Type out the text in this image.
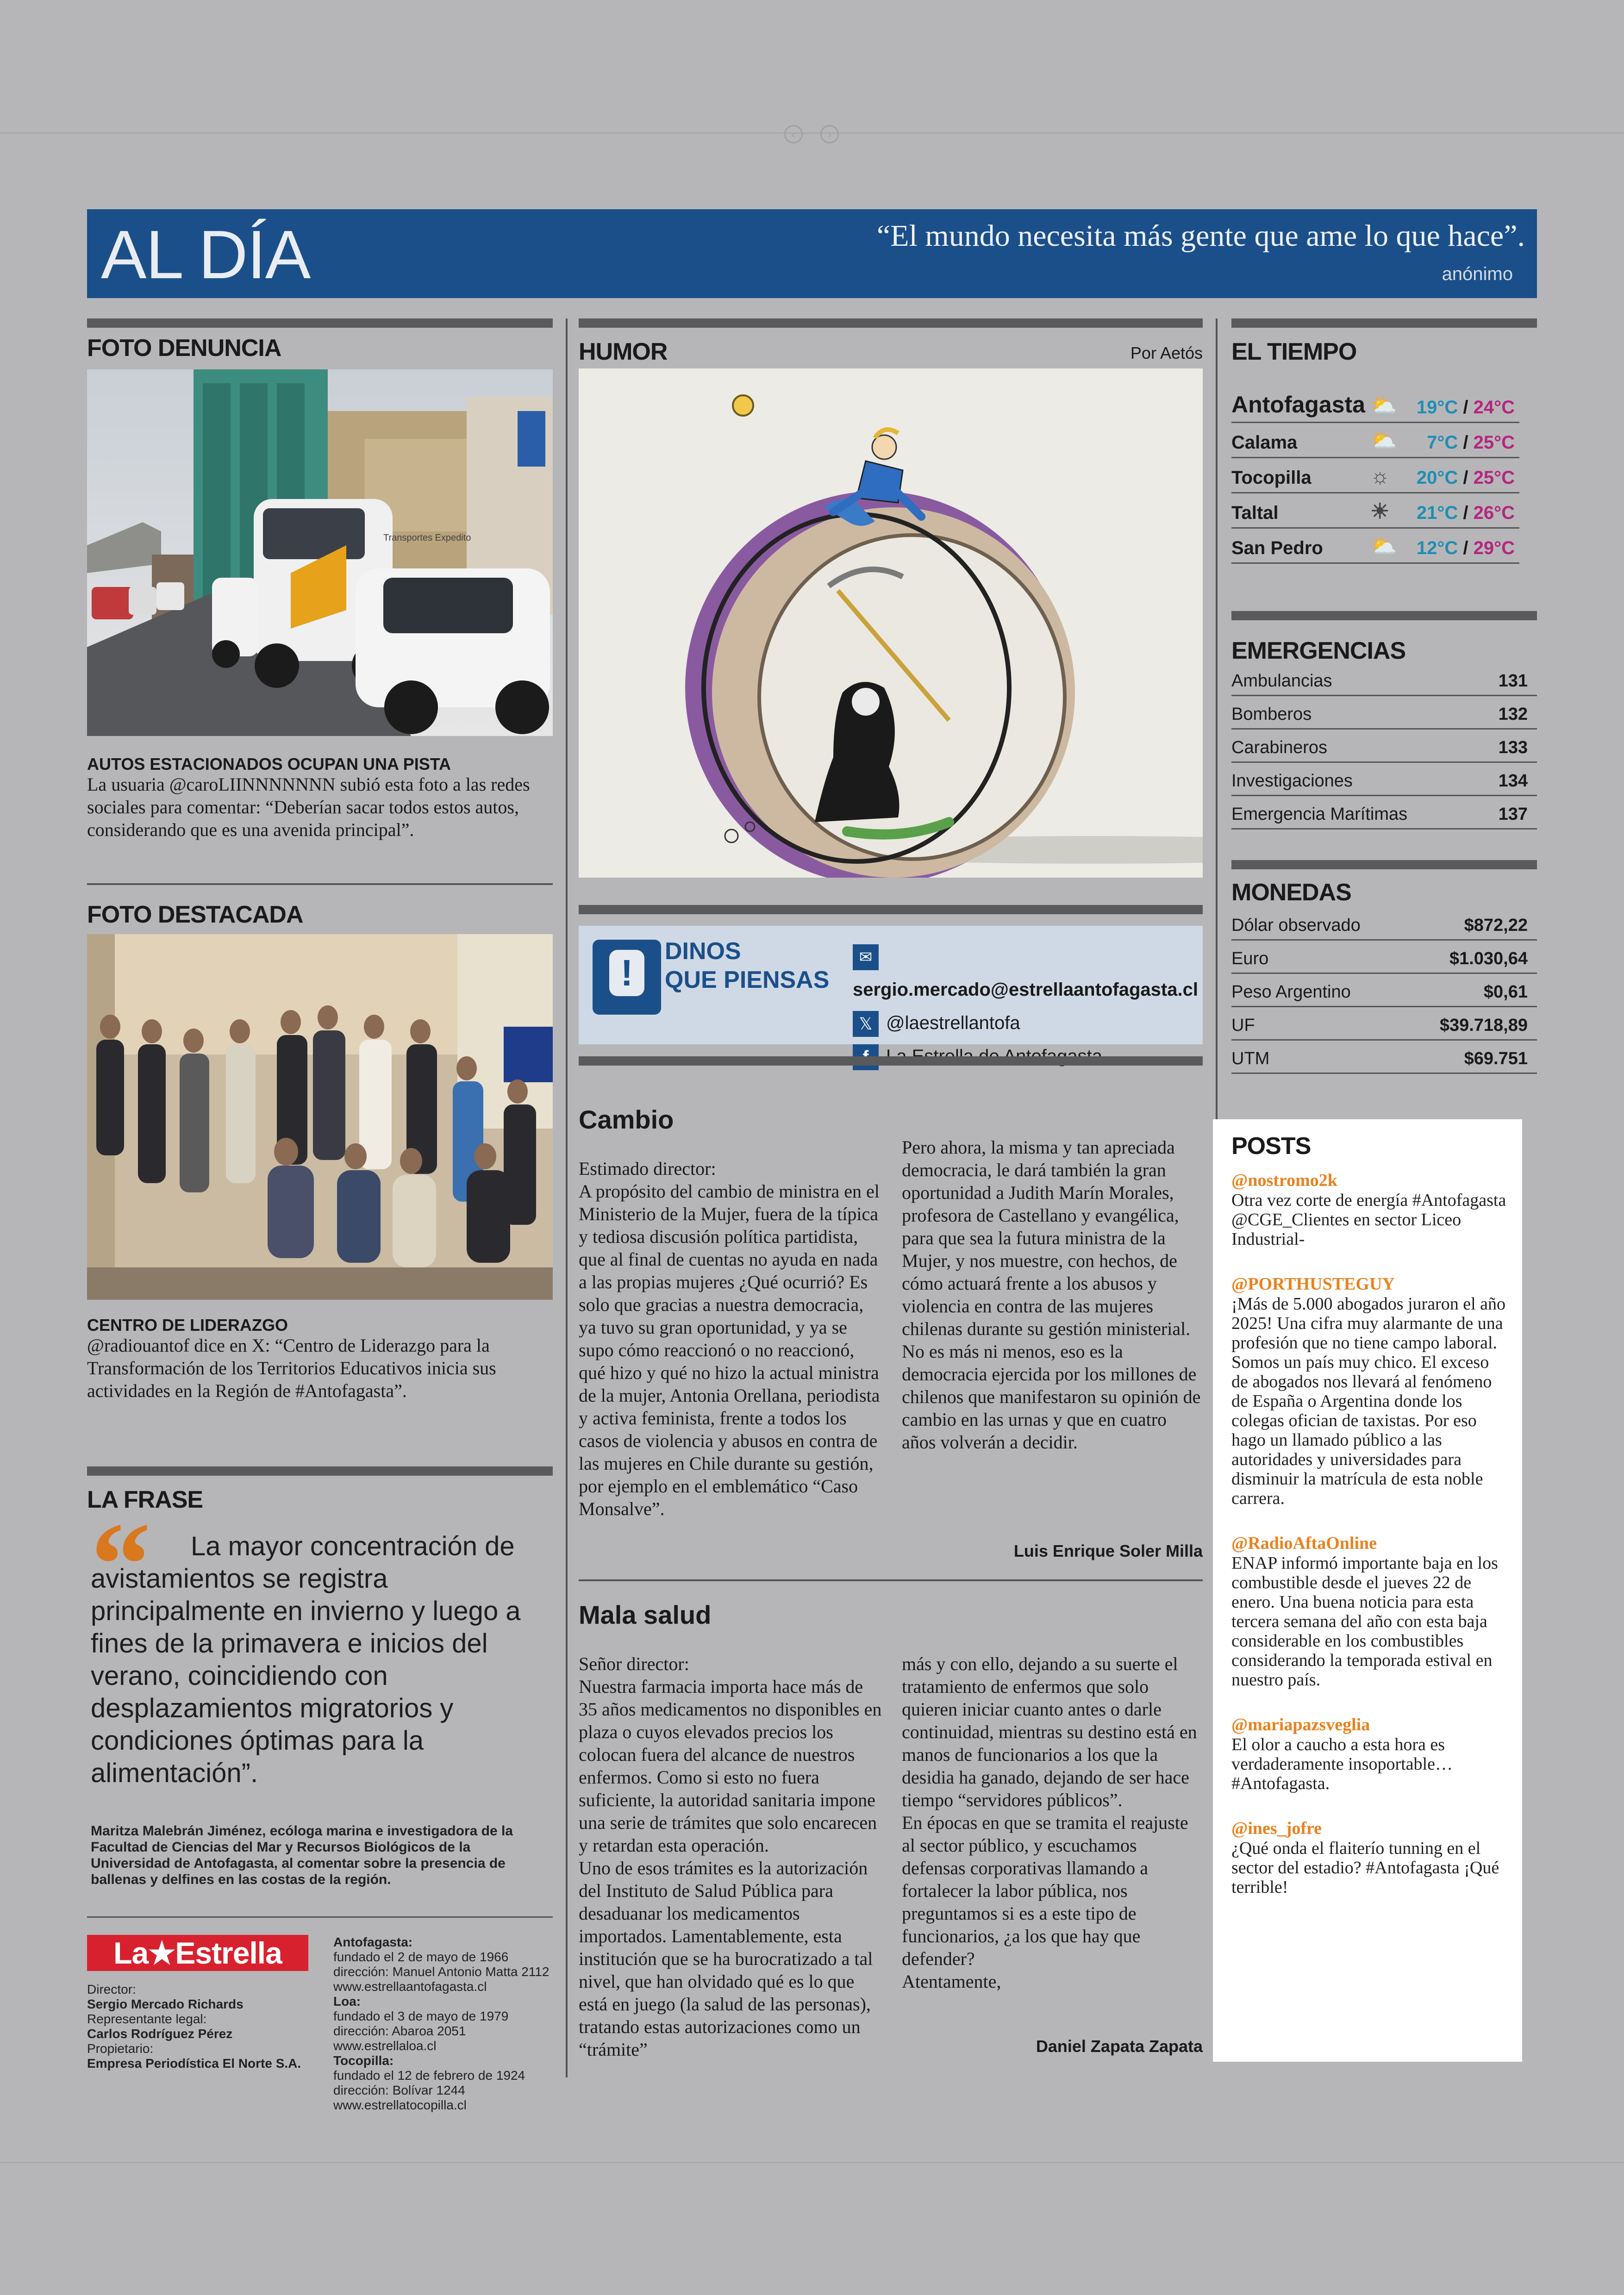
‹	›
AL DÍA	“El mundo necesita más gente que ame lo que hace”.
anónimo
FOTO DENUNCIA
Transportes Expedito
AUTOS ESTACIONADOS OCUPAN UNA PISTA
La usuaria @caroLIINNNNNNN subió esta foto a las redes sociales para comentar: “Deberían sacar todos estos autos, considerando que es una avenida principal”.
FOTO DESTACADA
CENTRO DE LIDERAZGO
@radiouantof dice en X: “Centro de Liderazgo para la Transformación de los Territorios Educativos inicia sus actividades en la Región de #Antofagasta”.
LA FRASE
“	La mayor concentración de avistamientos se registra principalmente en invierno y luego a fines de la primavera e inicios del verano, coincidiendo con desplazamientos migratorios y condiciones óptimas para la alimentación”.
Maritza Malebrán Jiménez, ecóloga marina e investigadora de la Facultad de Ciencias del Mar y Recursos Biológicos de la Universidad de Antofagasta, al comentar sobre la presencia de ballenas y delfines en las costas de la región.
La★Estrella
Director:
Sergio Mercado Richards
Representante legal:
Carlos Rodríguez Pérez
Propietario:
Empresa Periodística El Norte S.A.
Antofagasta:
fundado el 2 de mayo de 1966
dirección: Manuel Antonio Matta 2112
www.estrellaantofagasta.cl
Loa:
fundado el 3 de mayo de 1979
dirección: Abaroa 2051
www.estrellaloa.cl
Tocopilla:
fundado el 12 de febrero de 1924
dirección: Bolívar 1244
www.estrellatocopilla.cl
HUMOR	Por Aetós
!
DINOS
QUE PIENSAS
✉sergio.mercado@estrellaantofagasta.cl
𝕏 @laestrellantofa
Cambio
Estimado director:
A propósito del cambio de ministra en el Ministerio de la Mujer, fuera de la típica y tediosa discusión política partidista, que al final de cuentas no ayuda en nada a las propias mujeres ¿Qué ocurrió? Es solo que gracias a nuestra democracia, ya tuvo su gran oportunidad, y ya se supo cómo reaccionó o no reaccionó, qué hizo y qué no hizo la actual ministra de la mujer, Antonia Orellana, periodista y activa feminista, frente a todos los casos de violencia y abusos en contra de las mujeres en Chile durante su gestión, por ejemplo en el emblemático “Caso Monsalve”.
Pero ahora, la misma y tan apreciada democracia, le dará también la gran oportunidad a Judith Marín Morales, profesora de Castellano y evangélica, para que sea la futura ministra de la Mujer, y nos muestre, con hechos, de cómo actuará frente a los abusos y violencia en contra de las mujeres chilenas durante su gestión ministerial.
No es más ni menos, eso es la democracia ejercida por los millones de chilenos que manifestaron su opinión de cambio en las urnas y que en cuatro años volverán a decidir.
Luis Enrique Soler Milla
Mala salud
Señor director:
Nuestra farmacia importa hace más de 35 años medicamentos no disponibles en plaza o cuyos elevados precios los colocan fuera del alcance de nuestros enfermos. Como si esto no fuera suficiente, la autoridad sanitaria impone una serie de trámites que solo encarecen y retardan esta operación.
Uno de esos trámites es la autorización del Instituto de Salud Pública para desaduanar los medicamentos importados. Lamentablemente, esta institución que se ha burocratizado a tal nivel, que han olvidado qué es lo que está en juego (la salud de las personas), tratando estas autorizaciones como un “trámite”
más y con ello, dejando a su suerte el tratamiento de enfermos que solo quieren iniciar cuanto antes o darle continuidad, mientras su destino está en manos de funcionarios a los que la desidia ha ganado, dejando de ser hace tiempo “servidores públicos”.
En épocas en que se tramita el reajuste al sector público, y escuchamos defensas corporativas llamando a fortalecer la labor pública, nos preguntamos si es a este tipo de funcionarios, ¿a los que hay que defender?
Atentamente,
Daniel Zapata Zapata
EL TIEMPO
Antofagasta ⛅ 19°C / 24°C
Calama	⛅ 7°C / 25°C
Tocopilla	☼ 20°C / 25°C
Taltal	☀ 21°C / 26°C
San Pedro ⛅ 12°C / 29°C
EMERGENCIAS
Ambulancias	131
Bomberos	132
Carabineros	133
Investigaciones	134
Emergencia Marítimas	137
MONEDAS
Dólar observado	$872,22
Euro	$1.030,64
Peso Argentino	$0,61
UF	$39.718,89
UTM	$69.751
POSTS
@nostromo2k
Otra vez corte de energía #Antofagasta @CGE_Clientes en sector Liceo Industrial-
@PORTHUSTEGUY
¡Más de 5.000 abogados juraron el año 2025! Una cifra muy alarmante de una profesión que no tiene campo laboral. Somos un país muy chico. El exceso de abogados nos llevará al fenómeno de España o Argentina donde los colegas ofician de taxistas. Por eso hago un llamado público a las autoridades y universidades para disminuir la matrícula de esta noble carrera.
@RadioAftaOnline
ENAP informó importante baja en los combustible desde el jueves 22 de enero. Una buena noticia para esta tercera semana del año con esta baja considerable en los combustibles considerando la temporada estival en nuestro país.
@mariapazsveglia
El olor a caucho a esta hora es verdaderamente insoportable… #Antofagasta.
@ines_jofre
¿Qué onda el flaiterío tunning en el sector del estadio? #Antofagasta ¡Qué terrible!
